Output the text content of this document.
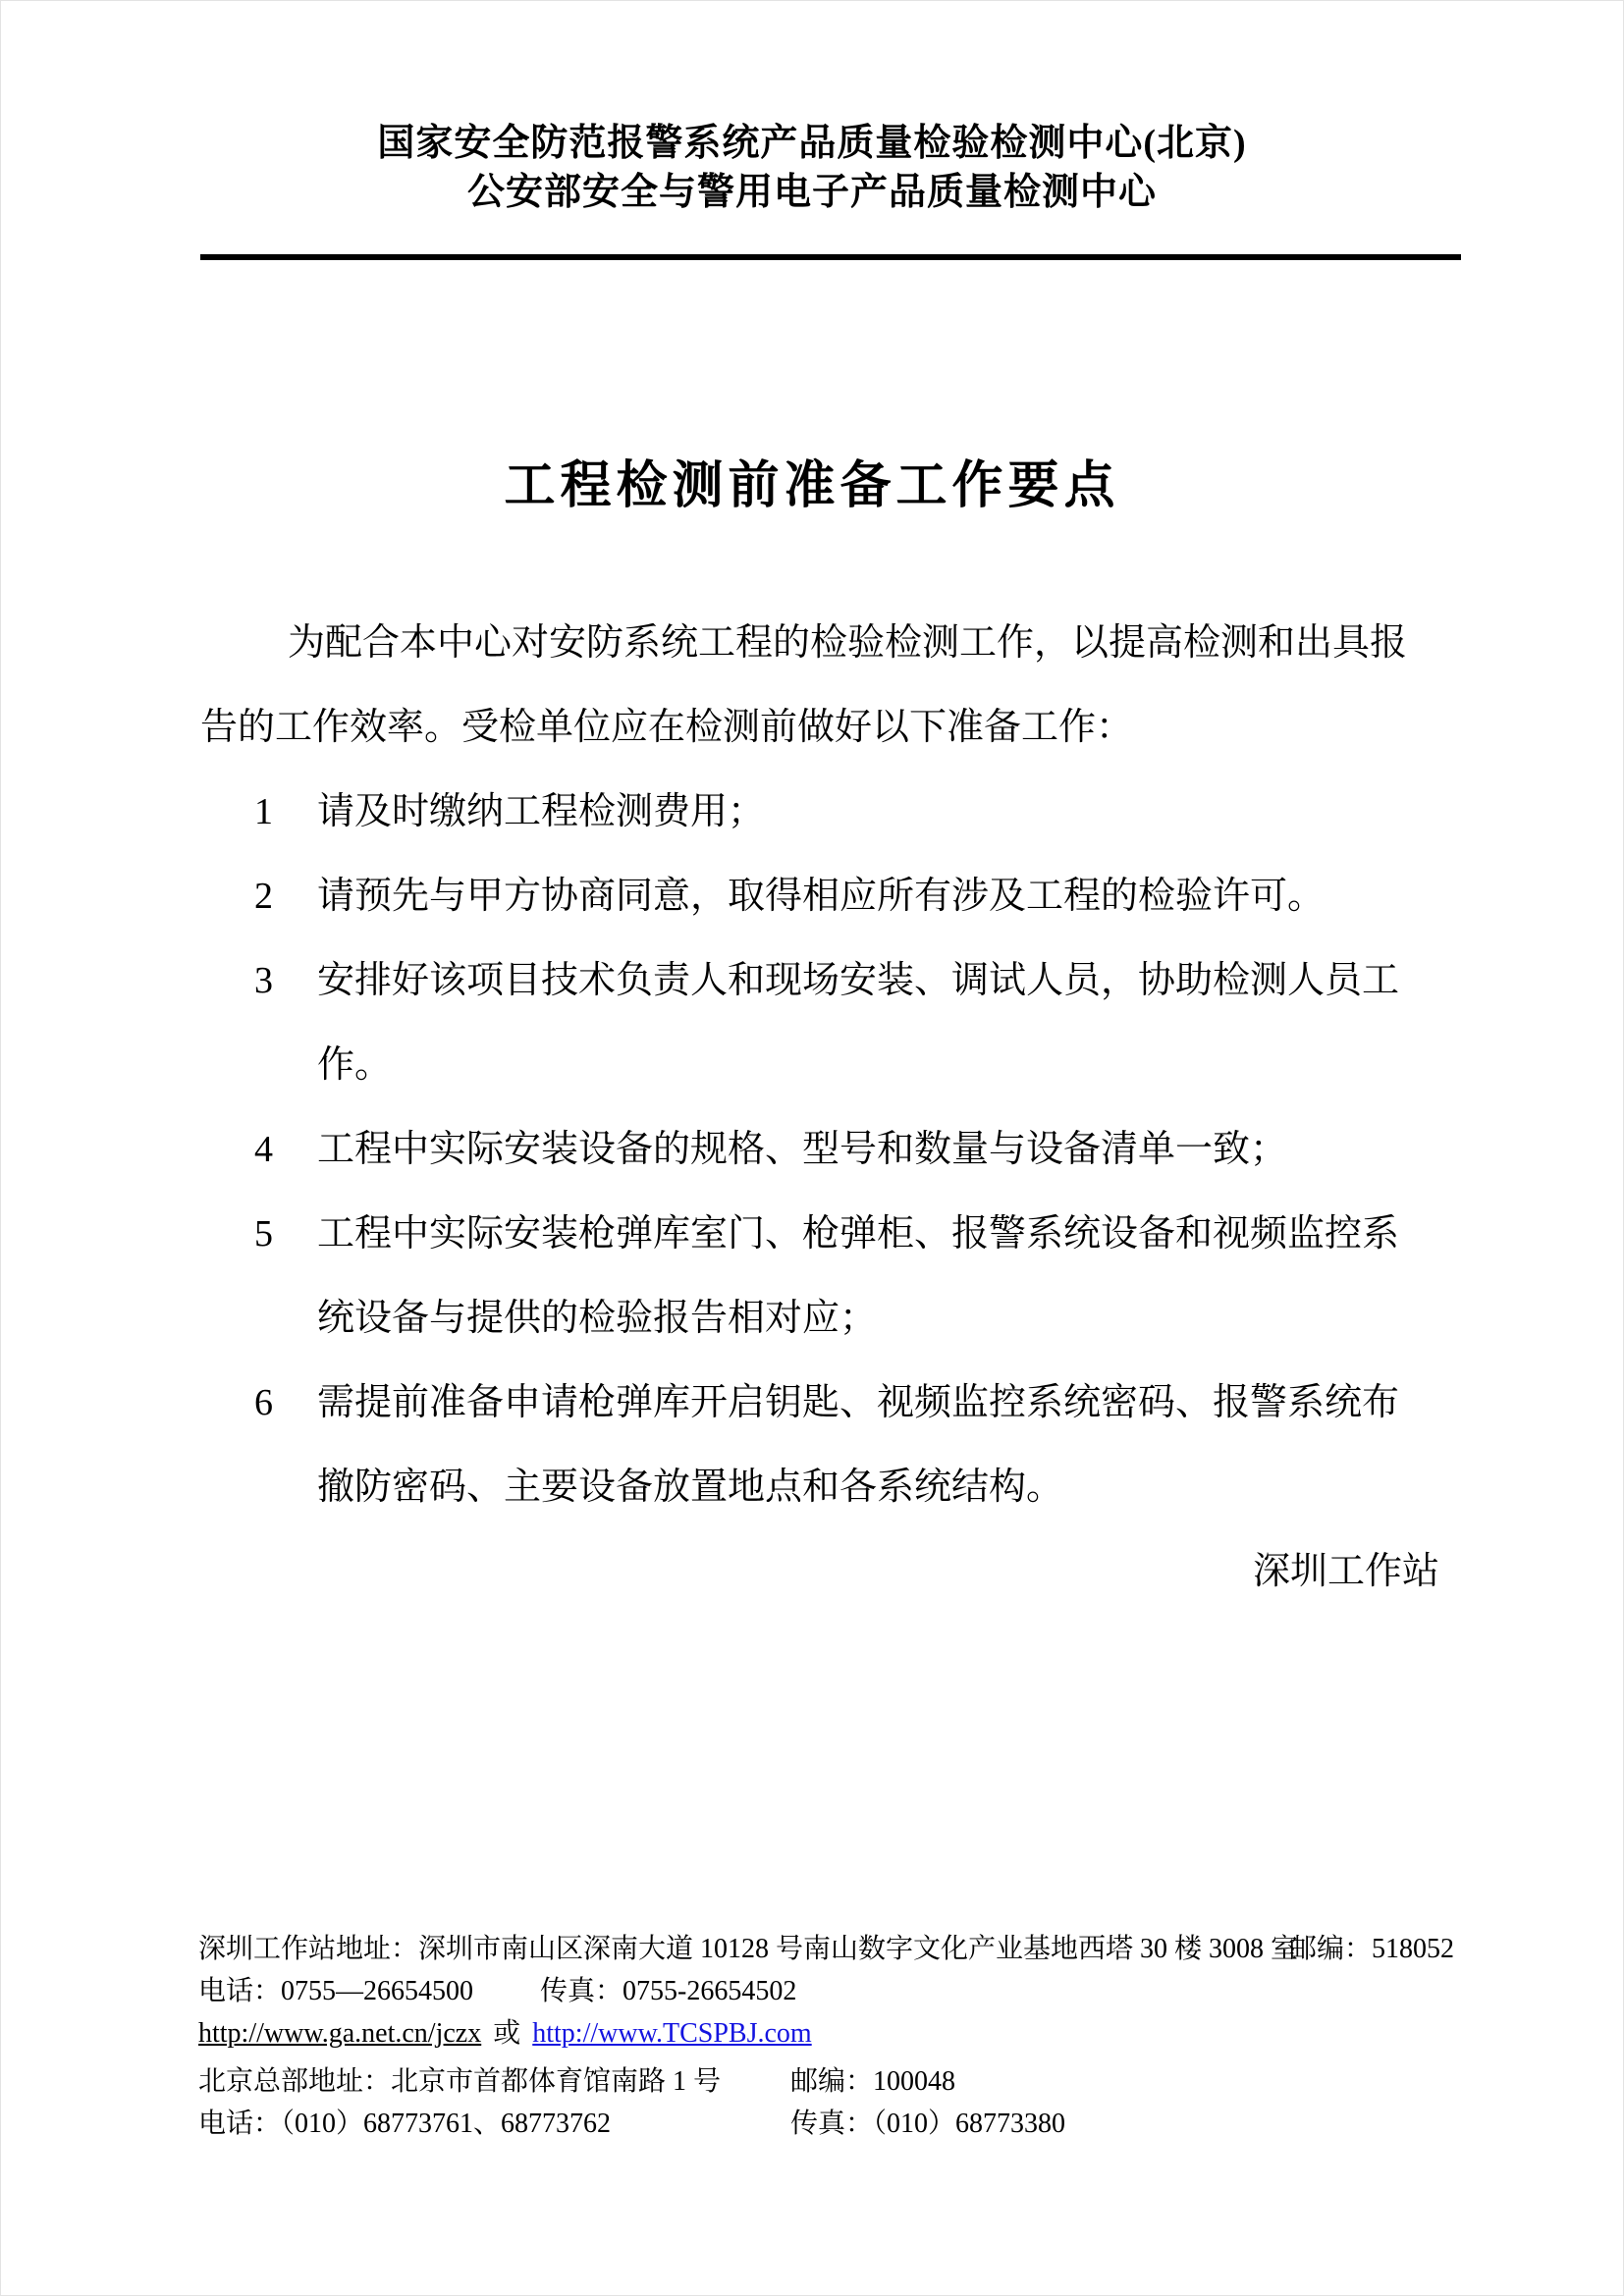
国家安全防范报警系统产品质量检验检测中心(北京)
公安部安全与警用电子产品质量检测中心
工程检测前准备工作要点
为配合本中心对安防系统工程的检验检测工作，以提高检测和出具报
告的工作效率。受检单位应在检测前做好以下准备工作：
1 请及时缴纳工程检测费用；
2 请预先与甲方协商同意，取得相应所有涉及工程的检验许可。
3 安排好该项目技术负责人和现场安装、调试人员，协助检测人员工
作。
4 工程中实际安装设备的规格、型号和数量与设备清单一致；
5 工程中实际安装枪弹库室门、枪弹柜、报警系统设备和视频监控系
统设备与提供的检验报告相对应；
6 需提前准备申请枪弹库开启钥匙、视频监控系统密码、报警系统布
撤防密码、主要设备放置地点和各系统结构。
深圳工作站
深圳工作站地址：深圳市南山区深南大道 10128 号南山数字文化产业基地西塔 30 楼 3008 室
邮编：518052
电话：0755—26654500 传真：0755-26654502
http://www.ga.net.cn/jczx 或 http://www.TCSPBJ.com
北京总部地址：北京市首都体育馆南路 1 号	邮编：100048
电话：（010）68773761、68773762	传真：（010）68773380
